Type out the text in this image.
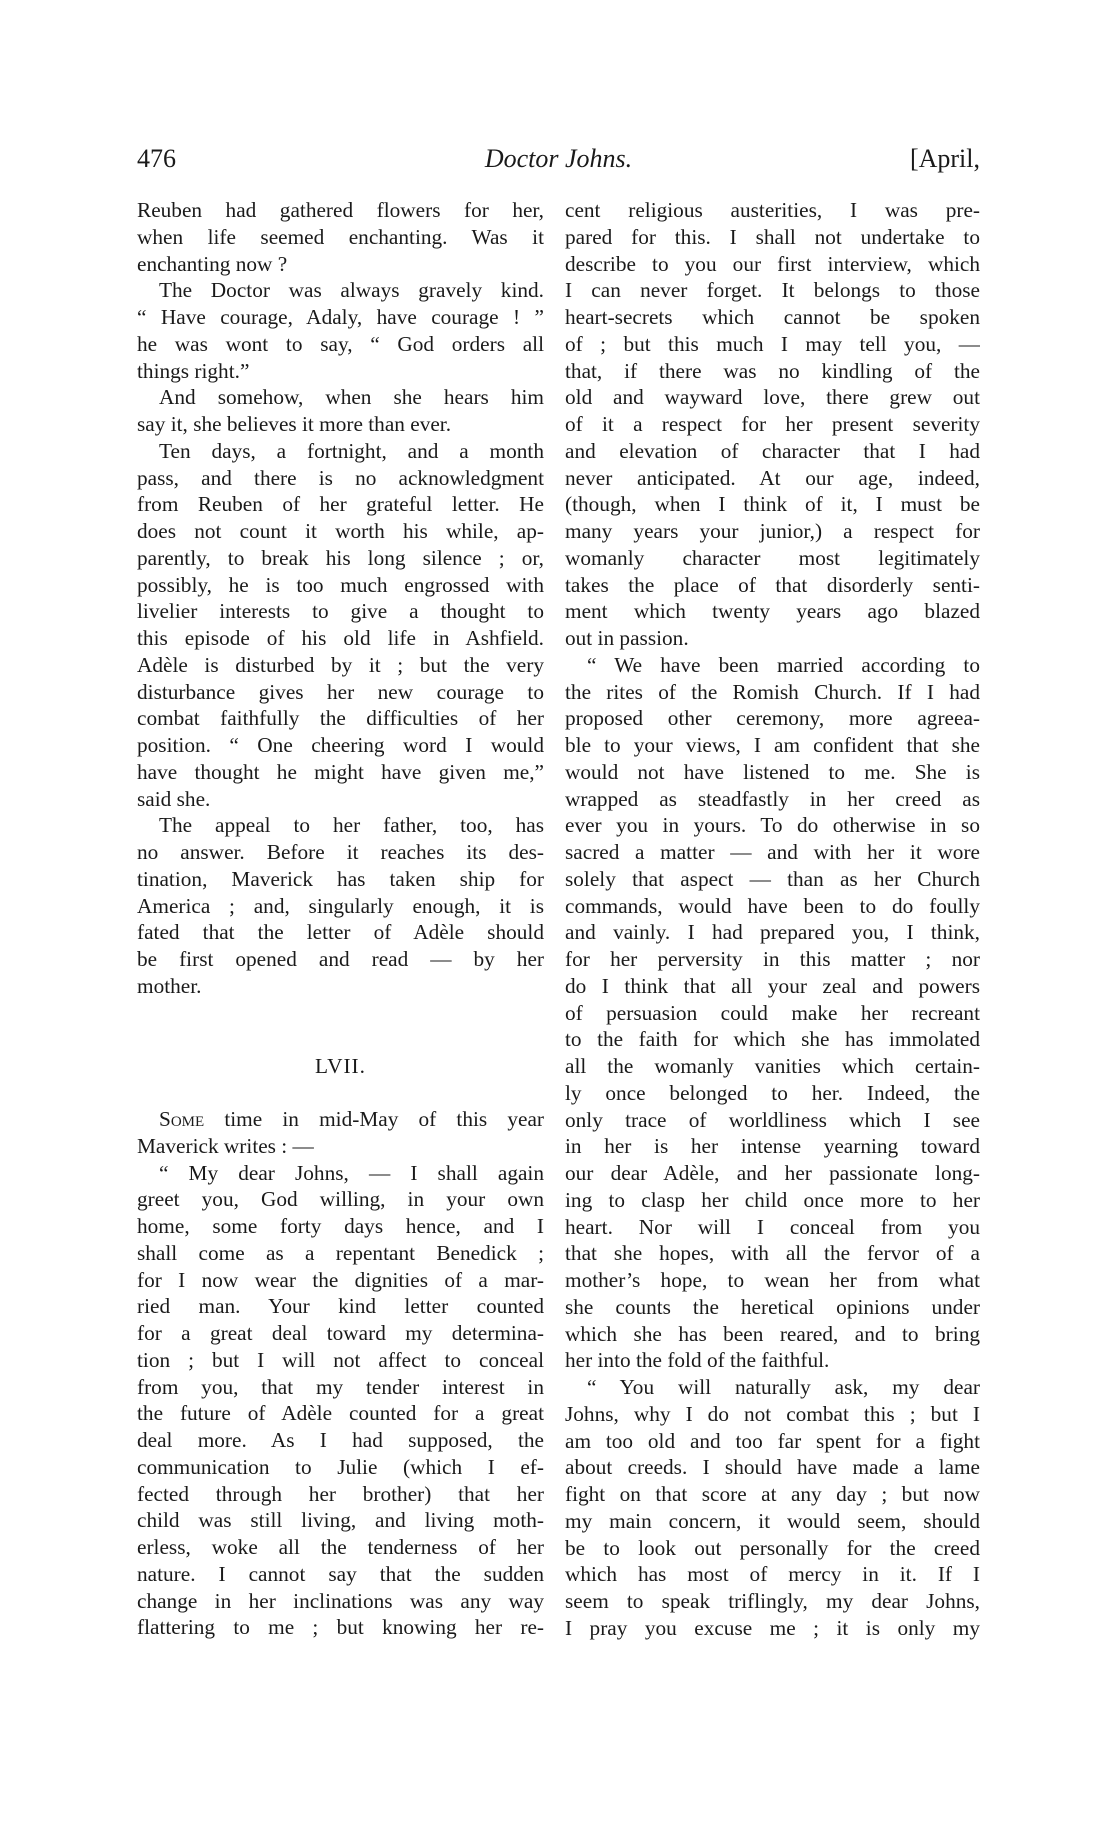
476	Doctor Johns.	[April,
Reuben had gathered flowers for her,
when life seemed enchanting. Was it
enchanting now ?
The Doctor was always gravely kind.
“ Have courage, Adaly, have courage ! ”
he was wont to say, “ God orders all
things right.”
And somehow, when she hears him
say it, she believes it more than ever.
Ten days, a fortnight, and a month
pass, and there is no acknowledgment
from Reuben of her grateful letter. He
does not count it worth his while, ap-
parently, to break his long silence ; or,
possibly, he is too much engrossed with
livelier interests to give a thought to
this episode of his old life in Ashfield.
Adèle is disturbed by it ; but the very
disturbance gives her new courage to
combat faithfully the difficulties of her
position. “ One cheering word I would
have thought he might have given me,”
said she.
The appeal to her father, too, has
no answer. Before it reaches its des-
tination, Maverick has taken ship for
America ; and, singularly enough, it is
fated that the letter of Adèle should
be first opened and read — by her
mother.
LVII.
Some time in mid-May of this year
Maverick writes : —
“ My dear Johns, — I shall again
greet you, God willing, in your own
home, some forty days hence, and I
shall come as a repentant Benedick ;
for I now wear the dignities of a mar-
ried man. Your kind letter counted
for a great deal toward my determina-
tion ; but I will not affect to conceal
from you, that my tender interest in
the future of Adèle counted for a great
deal more. As I had supposed, the
communication to Julie (which I ef-
fected through her brother) that her
child was still living, and living moth-
erless, woke all the tenderness of her
nature. I cannot say that the sudden
change in her inclinations was any way
flattering to me ; but knowing her re-
cent religious austerities, I was pre-
pared for this. I shall not undertake to
describe to you our first interview, which
I can never forget. It belongs to those
heart-secrets which cannot be spoken
of ; but this much I may tell you, —
that, if there was no kindling of the
old and wayward love, there grew out
of it a respect for her present severity
and elevation of character that I had
never anticipated. At our age, indeed,
(though, when I think of it, I must be
many years your junior,) a respect for
womanly character most legitimately
takes the place of that disorderly senti-
ment which twenty years ago blazed
out in passion.
“ We have been married according to
the rites of the Romish Church. If I had
proposed other ceremony, more agreea-
ble to your views, I am confident that she
would not have listened to me. She is
wrapped as steadfastly in her creed as
ever you in yours. To do otherwise in so
sacred a matter — and with her it wore
solely that aspect — than as her Church
commands, would have been to do foully
and vainly. I had prepared you, I think,
for her perversity in this matter ; nor
do I think that all your zeal and powers
of persuasion could make her recreant
to the faith for which she has immolated
all the womanly vanities which certain-
ly once belonged to her. Indeed, the
only trace of worldliness which I see
in her is her intense yearning toward
our dear Adèle, and her passionate long-
ing to clasp her child once more to her
heart. Nor will I conceal from you
that she hopes, with all the fervor of a
mother’s hope, to wean her from what
she counts the heretical opinions under
which she has been reared, and to bring
her into the fold of the faithful.
“ You will naturally ask, my dear
Johns, why I do not combat this ; but I
am too old and too far spent for a fight
about creeds. I should have made a lame
fight on that score at any day ; but now
my main concern, it would seem, should
be to look out personally for the creed
which has most of mercy in it. If I
seem to speak triflingly, my dear Johns,
I pray you excuse me ; it is only my
